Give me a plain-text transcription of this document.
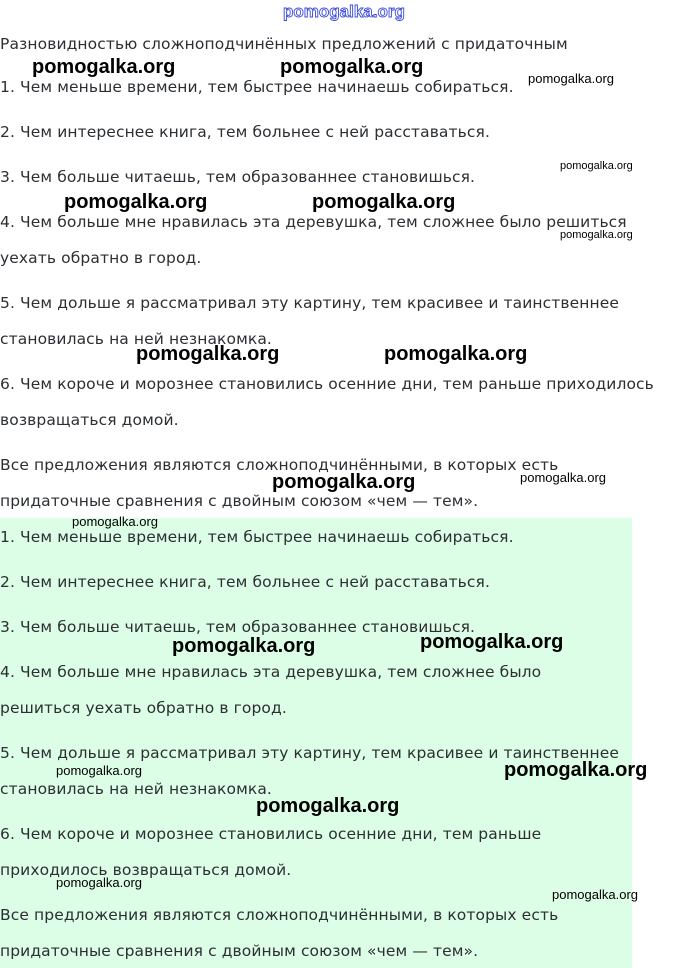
pomogalka.org

Разновидностью сложноподчинённых предложений с придаточным

1. Чем меньше времени, тем быстрее начинаешь собираться.

2. Чем интереснее книга, тем больнее с ней расставаться.

3. Чем больше читаешь, тем образованнее становишься.

4. Чем больше мне нравилась эта деревушка, тем сложнее было решиться

уехать обратно в город.

5. Чем дольше я рассматривал эту картину, тем красивее и таинственнее

становилась на ней незнакомка.

6. Чем короче и морознее становились осенние дни, тем раньше приходилось

возвращаться домой.

Все предложения являются сложноподчинёнными, в которых есть

придаточные сравнения с двойным союзом «чем — тем».

1. Чем меньше времени, тем быстрее начинаешь собираться.

2. Чем интереснее книга, тем больнее с ней расставаться.

3. Чем больше читаешь, тем образованнее становишься.

4. Чем больше мне нравилась эта деревушка, тем сложнее было

решиться уехать обратно в город.

5. Чем дольше я рассматривал эту картину, тем красивее и таинственнее

становилась на ней незнакомка.

6. Чем короче и морознее становились осенние дни, тем раньше

приходилось возвращаться домой.

Все предложения являются сложноподчинёнными, в которых есть

придаточные сравнения с двойным союзом «чем — тем».

pomogalka.org	pomogalka.org
pomogalka.org
pomogalka.org
pomogalka.org	pomogalka.org
pomogalka.org
pomogalka.org	pomogalka.org
pomogalka.org	pomogalka.org
pomogalka.org
pomogalka.org	pomogalka.org
pomogalka.org	pomogalka.org
pomogalka.org
pomogalka.org
pomogalka.org
